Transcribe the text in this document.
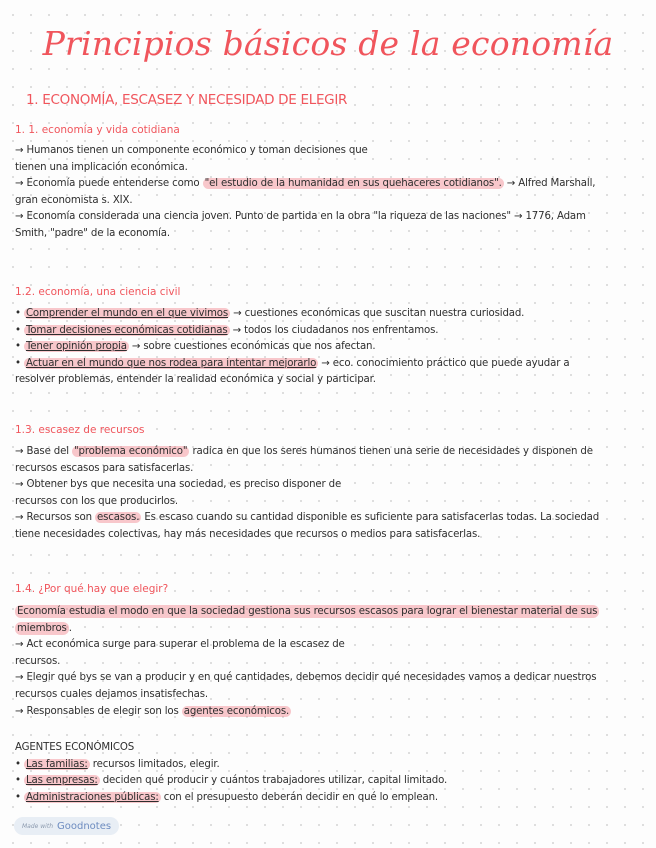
Principios básicos de la economía
1. ECONOMÍA, ESCASEZ Y NECESIDAD DE ELEGIR
1. 1. economía y vida cotidiana

→ Humanos tienen un componente económico y toman decisiones que

tienen una implicación económica.

→ Economía puede entenderse como "el estudio de la humanidad en sus quehaceres cotidianos". → Alfred Marshall,

gran economista s. XIX.

→ Economía considerada una ciencia joven. Punto de partida en la obra "la riqueza de las naciones" → 1776, Adam

Smith, "padre" de la economía.

1.2. economía, una ciencia civil

• Comprender el mundo en el que vivimos → cuestiones económicas que suscitan nuestra curiosidad.

• Tomar decisiones económicas cotidianas → todos los ciudadanos nos enfrentamos.

• Tener opinión propia → sobre cuestiones económicas que nos afectan.

• Actuar en el mundo que nos rodea para intentar mejorarlo → eco. conocimiento práctico que puede ayudar a

resolver problemas, entender la realidad económica y social y participar.

1.3. escasez de recursos

→ Base del "problema económico" radica en que los seres humanos tienen una serie de necesidades y disponen de

recursos escasos para satisfacerlas.

→ Obtener bys que necesita una sociedad, es preciso disponer de

recursos con los que producirlos.

→ Recursos son escasos. Es escaso cuando su cantidad disponible es suficiente para satisfacerlas todas. La sociedad

tiene necesidades colectivas, hay más necesidades que recursos o medios para satisfacerlas.

1.4. ¿Por qué hay que elegir?

Economía estudia el modo en que la sociedad gestiona sus recursos escasos para lograr el bienestar material de sus miembros .

→ Act económica surge para superar el problema de la escasez de

recursos.

→ Elegir qué bys se van a producir y en qué cantidades, debemos decidir qué necesidades vamos a dedicar nuestros

recursos cuales dejamos insatisfechas.

→ Responsables de elegir son los agentes económicos.

AGENTES ECONÓMICOS

• Las familias: recursos limitados, elegir.

• Las empresas: deciden qué producir y cuántos trabajadores utilizar, capital limitado.

• Administraciones públicas: con el presupuesto deberán decidir en qué lo emplean.

Made with Goodnotes
